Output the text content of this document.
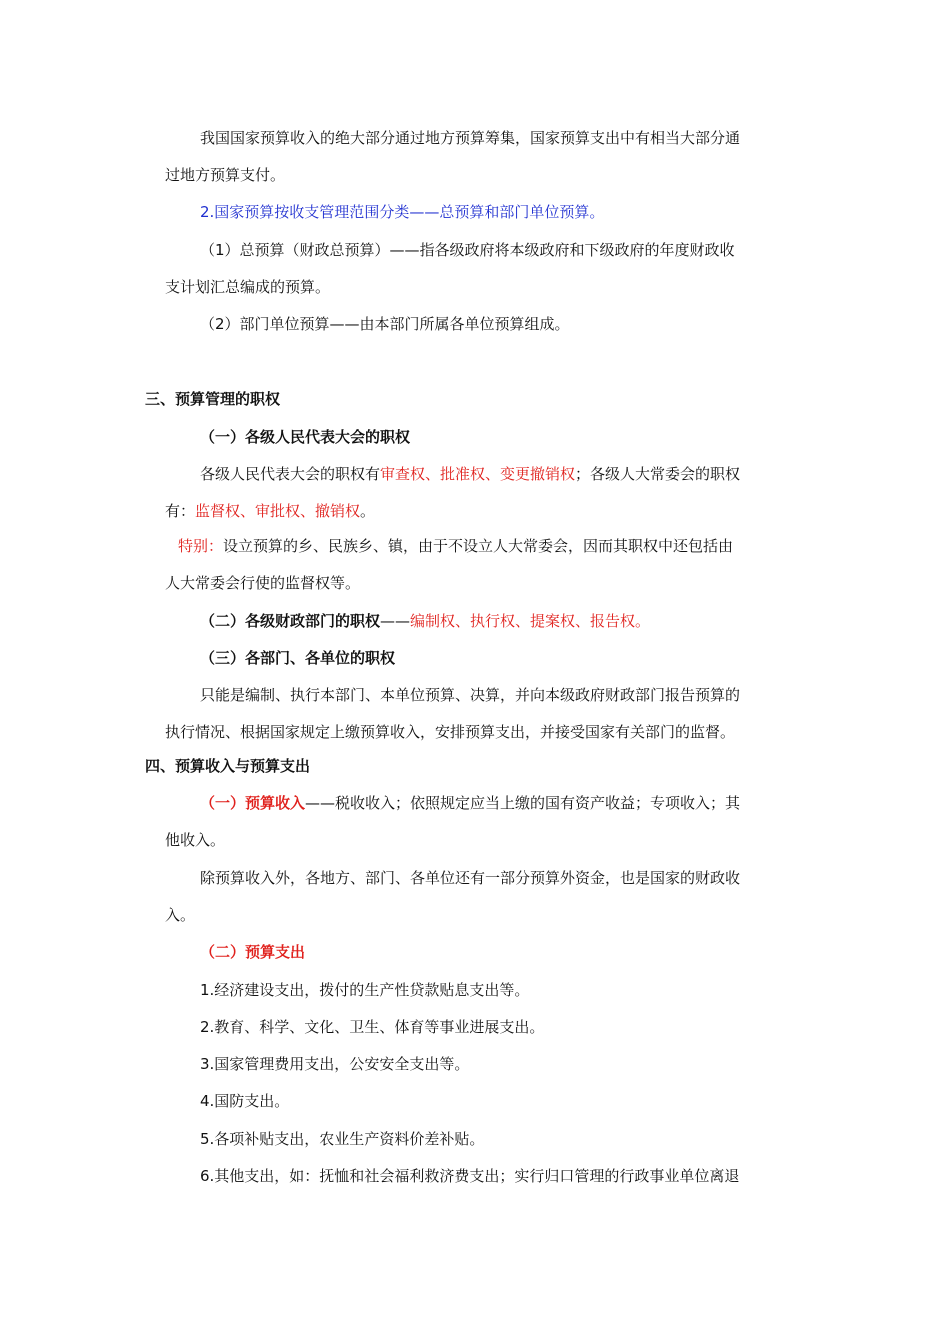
我国国家预算收入的绝大部分通过地方预算筹集，国家预算支出中有相当大部分通
过地方预算支付。
2.国家预算按收支管理范围分类——总预算和部门单位预算。
（1）总预算（财政总预算）——指各级政府将本级政府和下级政府的年度财政收
支计划汇总编成的预算。
（2）部门单位预算——由本部门所属各单位预算组成。
三、预算管理的职权
（一）各级人民代表大会的职权
各级人民代表大会的职权有审查权、批准权、变更撤销权；各级人大常委会的职权
有：监督权、审批权、撤销权。
特别：设立预算的乡、民族乡、镇，由于不设立人大常委会，因而其职权中还包括由
人大常委会行使的监督权等。
（二）各级财政部门的职权——编制权、执行权、提案权、报告权。
（三）各部门、各单位的职权
只能是编制、执行本部门、本单位预算、决算，并向本级政府财政部门报告预算的
执行情况、根据国家规定上缴预算收入，安排预算支出，并接受国家有关部门的监督。
四、预算收入与预算支出
（一）预算收入——税收收入；依照规定应当上缴的国有资产收益；专项收入；其
他收入。
除预算收入外，各地方、部门、各单位还有一部分预算外资金，也是国家的财政收
入。
（二）预算支出
1.经济建设支出，拨付的生产性贷款贴息支出等。
2.教育、科学、文化、卫生、体育等事业进展支出。
3.国家管理费用支出，公安安全支出等。
4.国防支出。
5.各项补贴支出，农业生产资料价差补贴。
6.其他支出，如：抚恤和社会福利救济费支出；实行归口管理的行政事业单位离退
